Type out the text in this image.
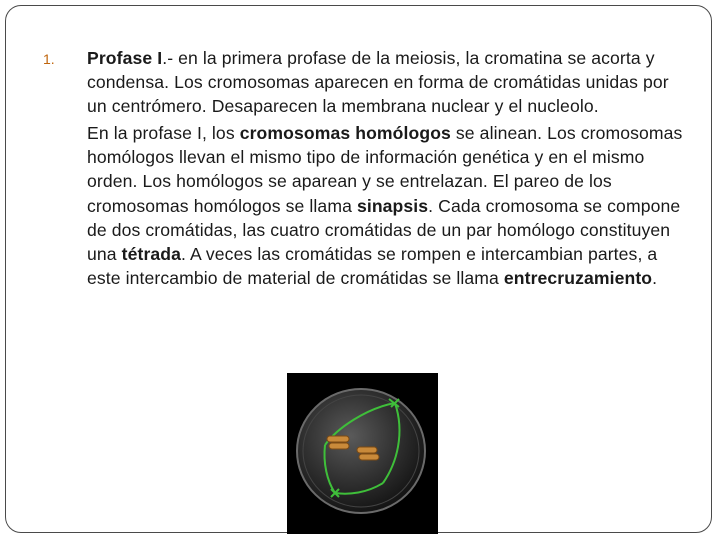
1. Profase I.- en la primera profase de la meiosis, la cromatina se acorta y condensa. Los cromosomas aparecen en forma de cromátidas unidas por un centrómero. Desaparecen la membrana nuclear y el nucleolo.

En la profase I, los cromosomas homólogos se alinean. Los cromosomas homólogos llevan el mismo tipo de información genética y en el mismo orden. Los homólogos se aparean y se entrelazan. El pareo de los cromosomas homólogos se llama sinapsis. Cada cromosoma se compone de dos cromátidas, las cuatro cromátidas de un par homólogo constituyen una tétrada. A veces las cromátidas se rompen e intercambian partes, a este intercambio de material de cromátidas se llama entrecruzamiento.
